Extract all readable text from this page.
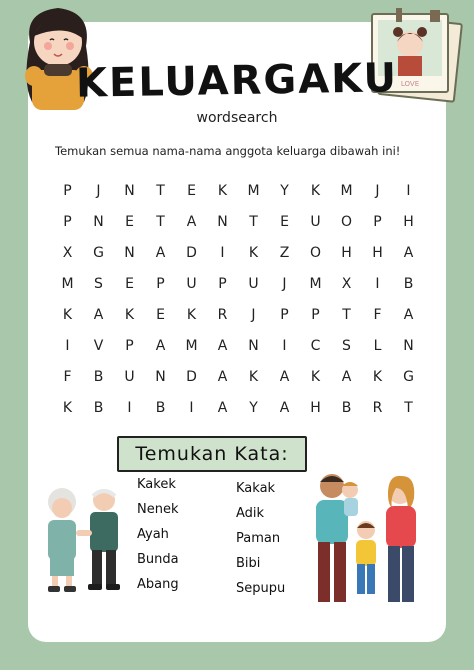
LOVE
KELUARGAKU
wordsearch
Temukan semua nama-nama anggota keluarga dibawah ini!
P	J	N	T	E	K	M	Y	K	M	J	I
P	N	E	T	A	N	T	E	U	O	P	H
X	G	N	A	D	I	K	Z	O	H	H	A
M	S	E	P	U	P	U	J	M	X	I	B
K	A	K	E	K	R	J	P	P	T	F	A
I	V	P	A	M	A	N	I	C	S	L	N
F	B	U	N	D	A	K	A	K	A	K	G
K	B	I	B	I	A	Y	A	H	B	R	T
Temukan Kata:
Kakek
Nenek
Ayah
Bunda
Abang
Kakak
Adik
Paman
Bibi
Sepupu
